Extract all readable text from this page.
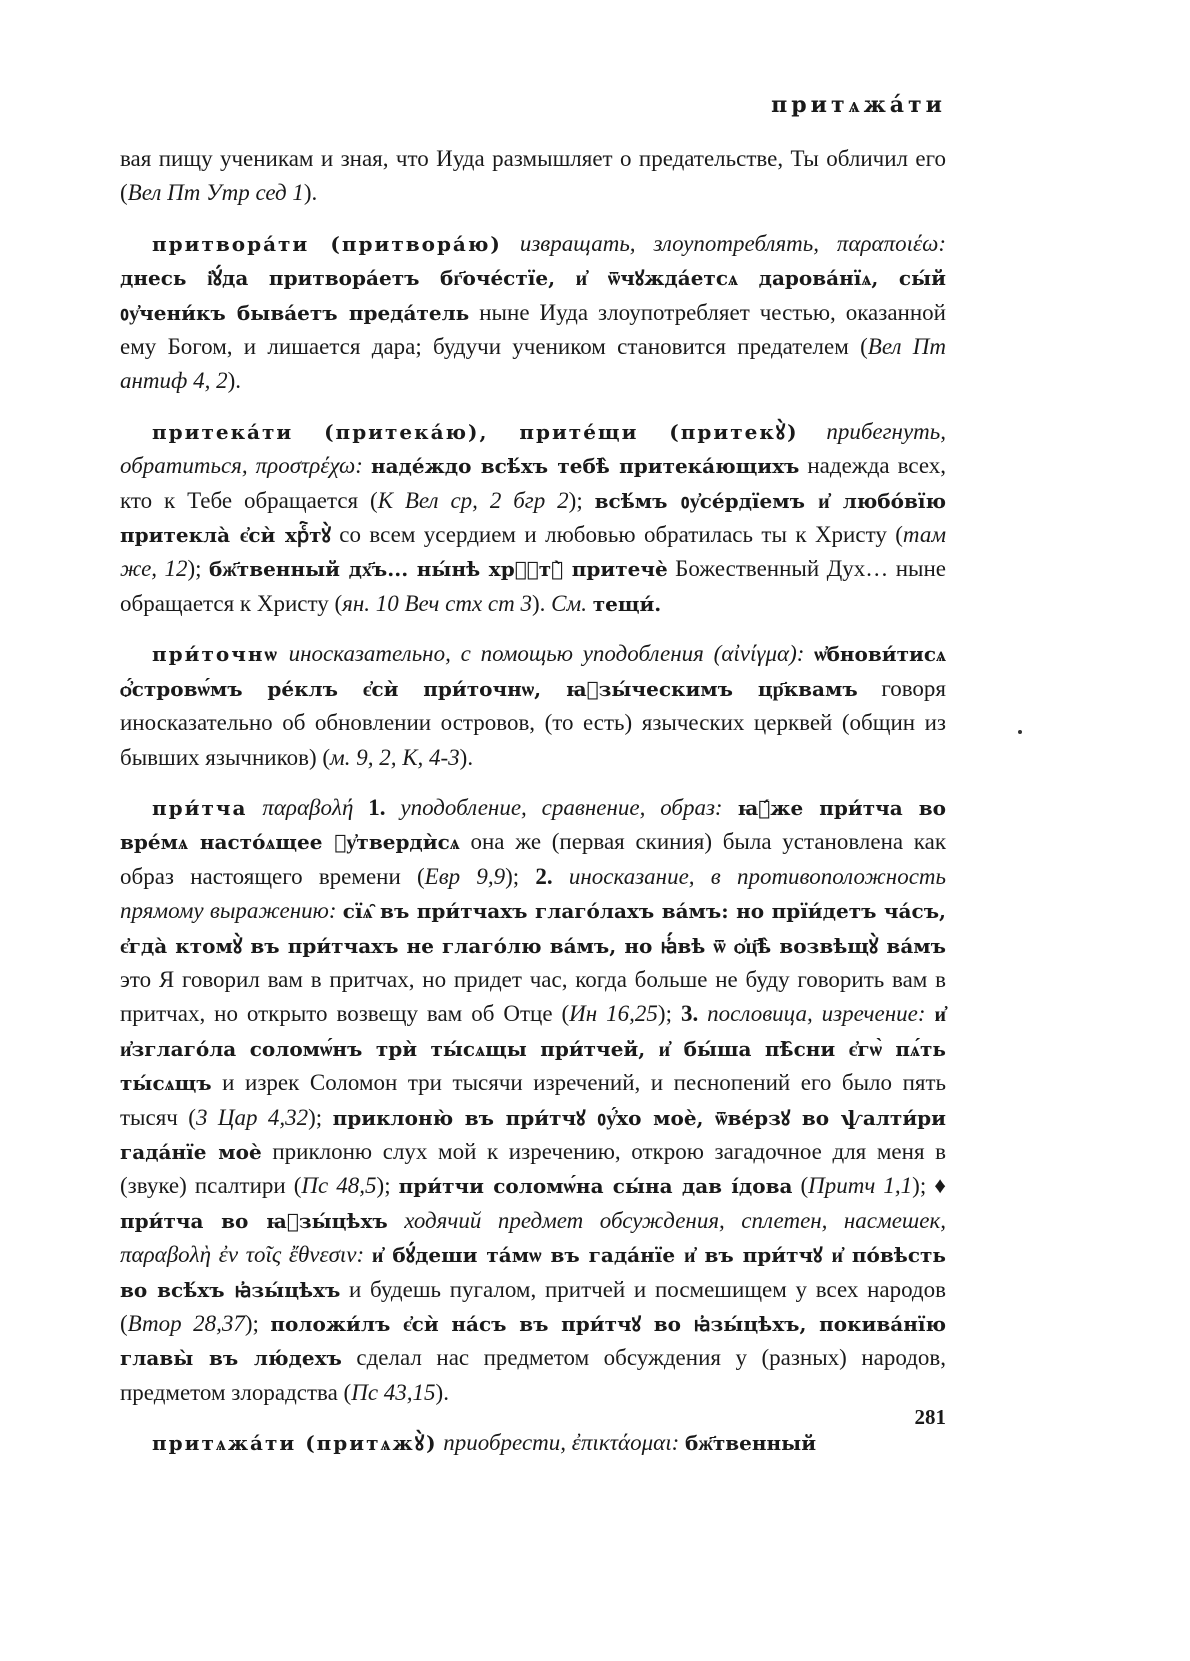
притѧжа́ти

вая пищу ученикам и зная, что Иуда размышляет о предательстве, Ты обличил его (Вел Пт Утр сед 1).

притвора́ти (притвора́ю) извращать, злоупотреблять, παραποιέω: днесь і҆ꙋ́да притвора́етъ бг҃оче́стїе, и҆ ѿчꙋжда́етсѧ дарова́нїѧ, сы́й ᲂу҆чени́къ быва́етъ преда́тель ныне Иуда злоупотребляет честью, оказанной ему Богом, и лишается дара; будучи учеником становится предателем (Вел Пт антиф 4, 2).

притека́ти (притека́ю), прите́щи (притекꙋ̀) прибегнуть, обратиться, προστρέχω: наде́ждо всѣ́хъ тебѣ̀ притека́ющихъ надежда всех, кто к Тебе обращается (К Вел ср, 2 бгр 2); всѣ́мъ ᲂу҆се́рдїемъ и҆ любо́вїю притекла̀ є҆сѝ хрⷭ҇тꙋ̀ со всем усердием и любовью обратилась ты к Христу (там же, 12); бж҃твенный дх҃ъ... ны́нѣ хрⷭ҇тꙋ̀ притечѐ Божественный Дух… ныне обращается к Христу (ян. 10 Веч стх ст 3). См. тещи́.

при́точнѡ иносказательно, с помощью уподобления (αἰνίγμα): ѡ҆бнови́тисѧ ѻ҆́стровѡ́мъ ре́клъ є҆сѝ при́точнѡ, ꙗ҆зы́ческимъ цр҃квамъ говоря иносказательно об обновлении островов, (то есть) языческих церквей (общин из бывших язычников) (м. 9, 2, К, 4-3).

при́тча παραβολή 1. уподобление, сравнение, образ: ꙗ҆́же при́тча во вре́мѧ насто́ѧщее ᲂу҆твердѝсѧ она же (первая скиния) была установлена как образ настоящего времени (Евр 9,9); 2. иносказание, в противоположность прямому выражению: сїѧ̑ въ при́тчахъ глаго́лахъ ва́мъ: но прїи́детъ ча́съ, є҆гда̀ ктомꙋ̀ въ при́тчахъ не глаго́лю ва́мъ, но ꙗ҆́вѣ ѿ ѻ҆ц҃ѣ̀ возвѣщꙋ̀ ва́мъ это Я говорил вам в притчах, но придет час, когда больше не буду говорить вам в притчах, но открыто возвещу вам об Отце (Ин 16,25); 3. пословица, изречение: и҆ и҆зглаго́ла соломѡ́нъ трѝ ты́сѧщы при́тчей, и҆ бы́ша пѣ̑сни є҆гѡ̀ пѧ́ть ты́сѧщъ и изрек Соломон три тысячи изречений, и песнопений его было пять тысяч (3 Цар 4,32); приклоню̀ въ при́тчꙋ ᲂу҆́хо моѐ, ѿве́рзꙋ во ѱалти́ри гада́нїе моѐ приклоню слух мой к изречению, открою загадочное для меня в (звуке) псалтири (Пс 48,5); при́тчи соломѡ́на сы́на дав і́дова (Притч 1,1); ♦ при́тча во ꙗ҆зы́цѣхъ ходячий предмет обсуждения, сплетен, насмешек, παραβολὴ ἐν τοῖς ἔθνεσιν: и҆ бꙋ́деши та́мѡ въ гада́нїе и҆ въ при́тчꙋ и҆ по́вѣсть во всѣ́хъ ꙗ҆зы́цѣхъ и будешь пугалом, притчей и посмешищем у всех народов (Втор 28,37); положи́лъ є҆сѝ на́съ въ при́тчꙋ во ꙗ҆зы́цѣхъ, покива́нїю главы̀ въ лю́дехъ сделал нас предметом обсуждения у (разных) народов, предметом злорадства (Пс 43,15).

притѧжа́ти (притѧжꙋ̀) приобрести, ἐπικτάομαι: бж҃твенный

281
